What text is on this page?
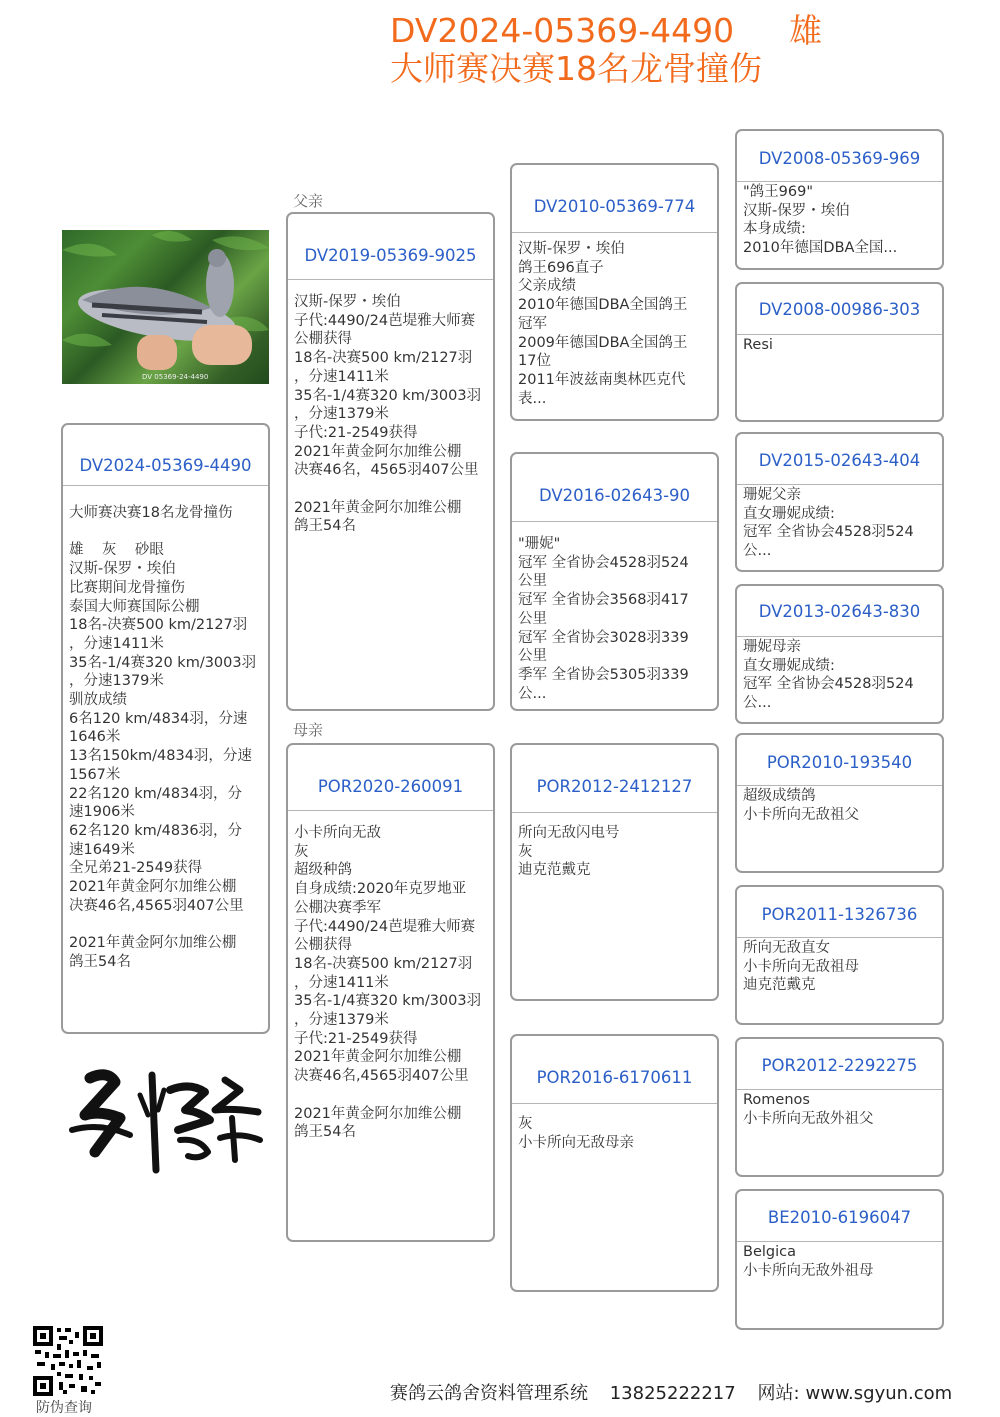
DV2024-05369-4490 雄
大师赛决赛18名龙骨撞伤
DV 05369-24-4490
DV2024-05369-4490
大师赛决赛18名龙骨撞伤

雄    灰    砂眼
汉斯-保罗・埃伯
比赛期间龙骨撞伤
泰国大师赛国际公棚
18名-决赛500 km/2127羽
，分速1411米
35名-1/4赛320 km/3003羽
，分速1379米
驯放成绩
6名120 km/4834羽，分速
1646米
13名150km/4834羽，分速
1567米
22名120 km/4834羽，分
速1906米
62名120 km/4836羽，分
速1649米
全兄弟21-2549获得
2021年黄金阿尔加维公棚
决赛46名,4565羽407公里

2021年黄金阿尔加维公棚
鸽王54名
父亲
母亲
DV2019-05369-9025
汉斯-保罗・埃伯
子代:4490/24芭堤雅大师赛
公棚获得
18名-决赛500 km/2127羽
，分速1411米
35名-1/4赛320 km/3003羽
，分速1379米
子代:21-2549获得
2021年黄金阿尔加维公棚
决赛46名，4565羽407公里

2021年黄金阿尔加维公棚
鸽王54名
POR2020-260091
小卡所向无敌
灰
超级种鸽
自身成绩:2020年克罗地亚
公棚决赛季军
子代:4490/24芭堤雅大师赛
公棚获得
18名-决赛500 km/2127羽
，分速1411米
35名-1/4赛320 km/3003羽
，分速1379米
子代:21-2549获得
2021年黄金阿尔加维公棚
决赛46名,4565羽407公里

2021年黄金阿尔加维公棚
鸽王54名
DV2010-05369-774
汉斯-保罗・埃伯
鸽王696直子
父亲成绩
2010年德国DBA全国鸽王
冠军
2009年德国DBA全国鸽王
17位
2011年波兹南奥林匹克代
表...
DV2016-02643-90
"珊妮"
冠军 全省协会4528羽524
公里
冠军 全省协会3568羽417
公里
冠军 全省协会3028羽339
公里
季军 全省协会5305羽339
公...
POR2012-2412127
所向无敌闪电号
灰
迪克范戴克
POR2016-6170611
灰
小卡所向无敌母亲
DV2008-05369-969
"鸽王969"
汉斯-保罗・埃伯
本身成绩:
2010年德国DBA全国...
DV2008-00986-303
Resi
DV2015-02643-404
珊妮父亲
直女珊妮成绩:
冠军 全省协会4528羽524
公...
DV2013-02643-830
珊妮母亲
直女珊妮成绩:
冠军 全省协会4528羽524
公...
POR2010-193540
超级成绩鸽
小卡所向无敌祖父
POR2011-1326736
所向无敌直女
小卡所向无敌祖母
迪克范戴克
POR2012-2292275
Romenos
小卡所向无敌外祖父
BE2010-6196047
Belgica
小卡所向无敌外祖母
防伪查询
赛鸽云鸽舍资料管理系统 13825222217 网站: www.sgyun.com
